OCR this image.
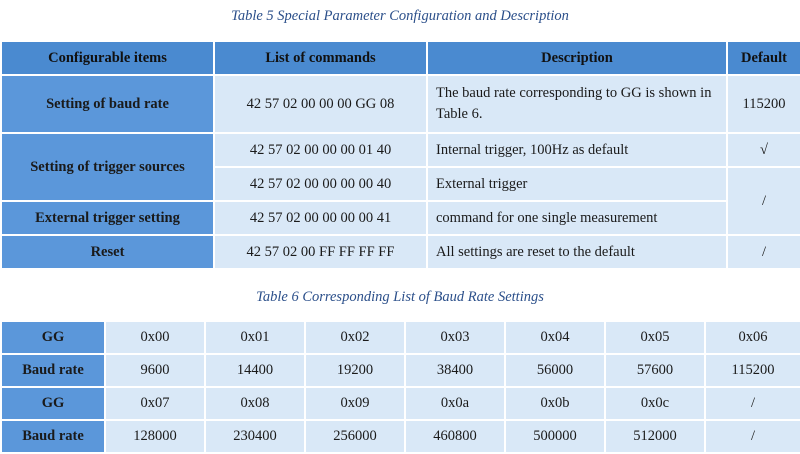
Table 5 Special Parameter Configuration and Description
Configurable items	List of commands	Description	Default
Setting of baud rate	42 57 02 00 00 00 GG 08	The baud rate corresponding to GG is shown in Table 6.	115200
Setting of trigger sources	42 57 02 00 00 00 01 40	Internal trigger, 100Hz as default	√
	42 57 02 00 00 00 00 40	External trigger	/
External trigger setting	42 57 02 00 00 00 00 41	command for one single measurement	
Reset	42 57 02 00 FF FF FF FF	All settings are reset to the default	/
Table 6 Corresponding List of Baud Rate Settings
GG	0x00	0x01	0x02	0x03	0x04	0x05	0x06
Baud rate	9600	14400	19200	38400	56000	57600	115200
GG	0x07	0x08	0x09	0x0a	0x0b	0x0c	/
Baud rate	128000	230400	256000	460800	500000	512000	/
